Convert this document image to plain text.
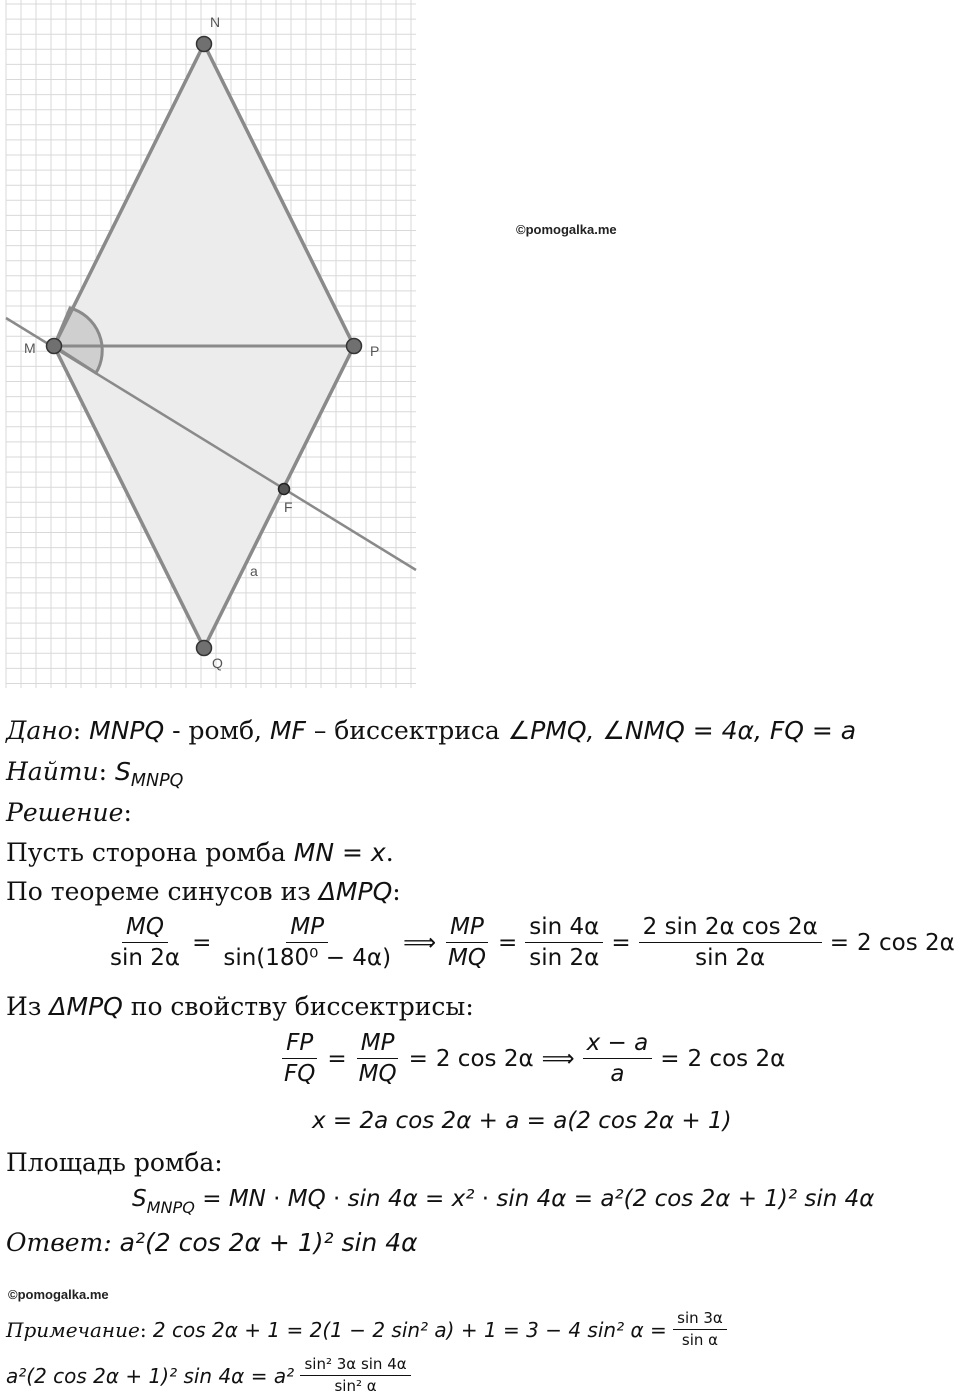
N
M	P
Q
F
a
©pomogalka.me
Дано: MNPQ - ромб, MF – биссектриса ∠PMQ, ∠NMQ = 4α, FQ = a
Найти: $S_{MNPQ}$
Решение:
Пусть сторона ромба MN = x.
По теореме синусов из ΔMPQ:
$\frac{MQ}{\sin 2\alpha} = \frac{MP}{\text{sin(180⁰ − 4α)}}$ ⟹ $\frac{MP}{MQ} = \frac{\sin 4\alpha}{\sin 2\alpha} = \frac{\text{2 sin 2α cos 2α}}{\sin 2\alpha} = 2$ cos 2α
Из ΔMPQ по свойству биссектрисы:
$\frac{FP}{FQ} = \frac{MP}{MQ} = 2$ cos 2α ⟹ $\frac{x - a}{a} = 2$ cos 2α
x = 2a cos 2α + a = a(2 cos 2α + 1)
Площадь ромба:
$S_{MNPQ}$ = MN ⋅ MQ ⋅ sin 4α = x² ⋅ sin 4α = a²(2 cos 2α + 1)² sin 4α
Ответ: a²(2 cos 2α + 1)² sin 4α
©pomogalka.me
Примечание : 2 cos 2α + 1 = 2(1 − 2 sin² a) + 1 = 3 − 4 sin² α =
$\frac{\sin 3\alpha}{\text{sin α}}$
a²(2 cos 2α + 1)² sin 4α = a²
$\frac{\text{sin² 3α sin 4α}}{\text{sin² α}}$
